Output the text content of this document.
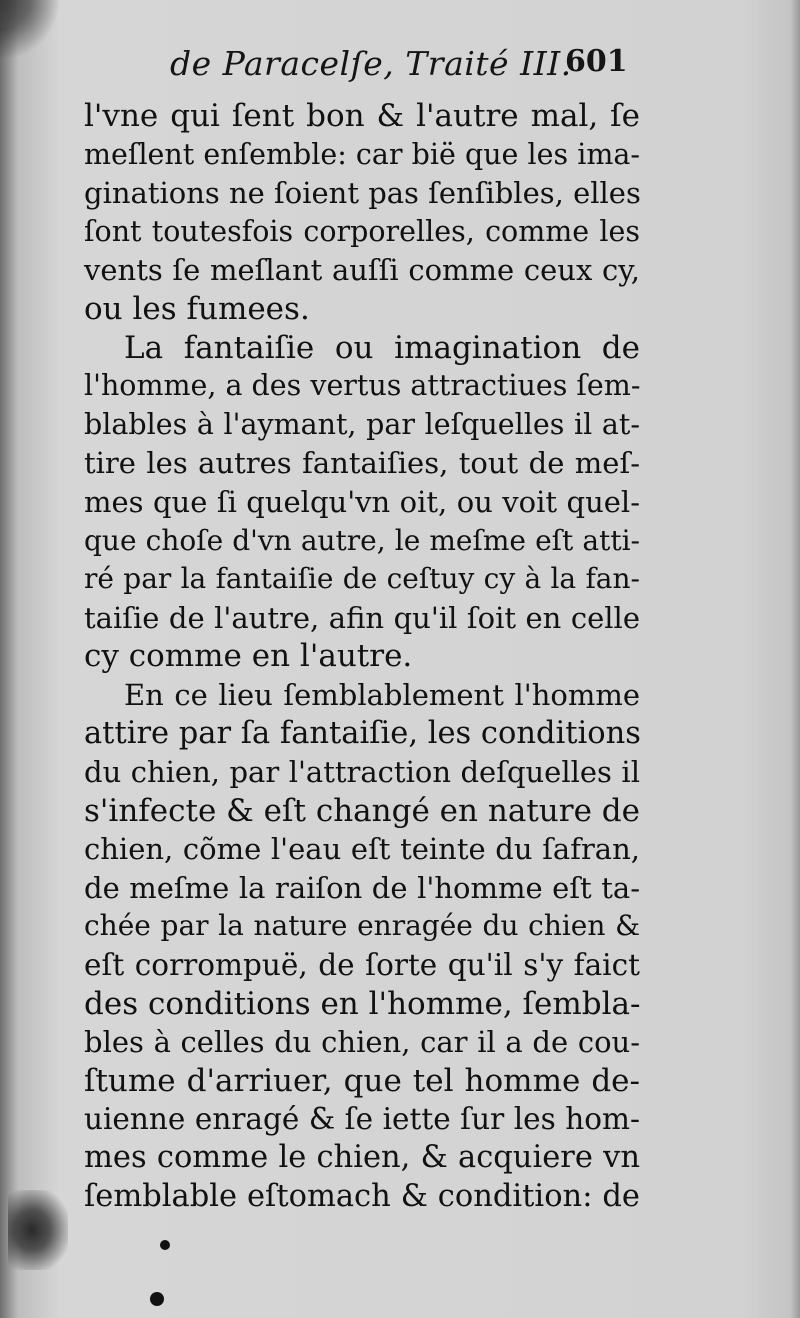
de Paracelſe, Traité III.
601
l'vne qui ſent bon & l'autre mal, ſe
meſlent enſemble: car bië que les ima-
ginations ne ſoient pas ſenſibles, elles
ſont toutesfois corporelles, comme les
vents ſe meſlant auſſi comme ceux cy,
ou les fumees.
La fantaiſie ou imagination de
l'homme, a des vertus attractiues ſem-
blables à l'aymant, par leſquelles il at-
tire les autres fantaiſies, tout de meſ-
mes que ſi quelqu'vn oit, ou voit quel-
que choſe d'vn autre, le meſme eſt atti-
ré par la fantaiſie de ceſtuy cy à la fan-
taiſie de l'autre, afin qu'il ſoit en celle
cy comme en l'autre.
En ce lieu ſemblablement l'homme
attire par ſa fantaiſie, les conditions
du chien, par l'attraction deſquelles il
s'infecte & eſt changé en nature de
chien, cõme l'eau eſt teinte du ſafran,
de meſme la raiſon de l'homme eſt ta-
chée par la nature enragée du chien &
eſt corrompuë, de ſorte qu'il s'y faict
des conditions en l'homme, ſembla-
bles à celles du chien, car il a de cou-
ſtume d'arriuer, que tel homme de-
uienne enragé & ſe iette ſur les hom-
mes comme le chien, & acquiere vn
ſemblable eſtomach & condition: de
